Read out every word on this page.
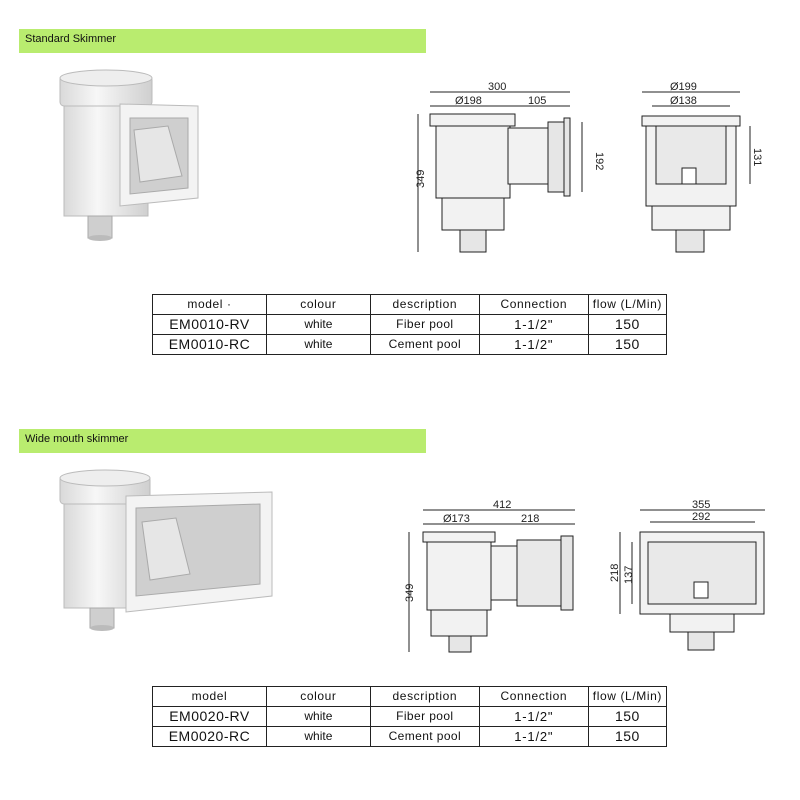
Standard Skimmer
300
Ø198	105
349
192
Ø199
Ø138
131
model ·	colour	description	Connection	flow (L/Min)
EM0010-RV	white	Fiber pool	1-1/2"	150
EM0010-RC	white	Cement pool	1-1/2"	150
Wide mouth skimmer
412
Ø173	218
349
355
292
218 137
model	colour	description	Connection	flow (L/Min)
EM0020-RV	white	Fiber pool	1-1/2"	150
EM0020-RC	white	Cement pool	1-1/2"	150
